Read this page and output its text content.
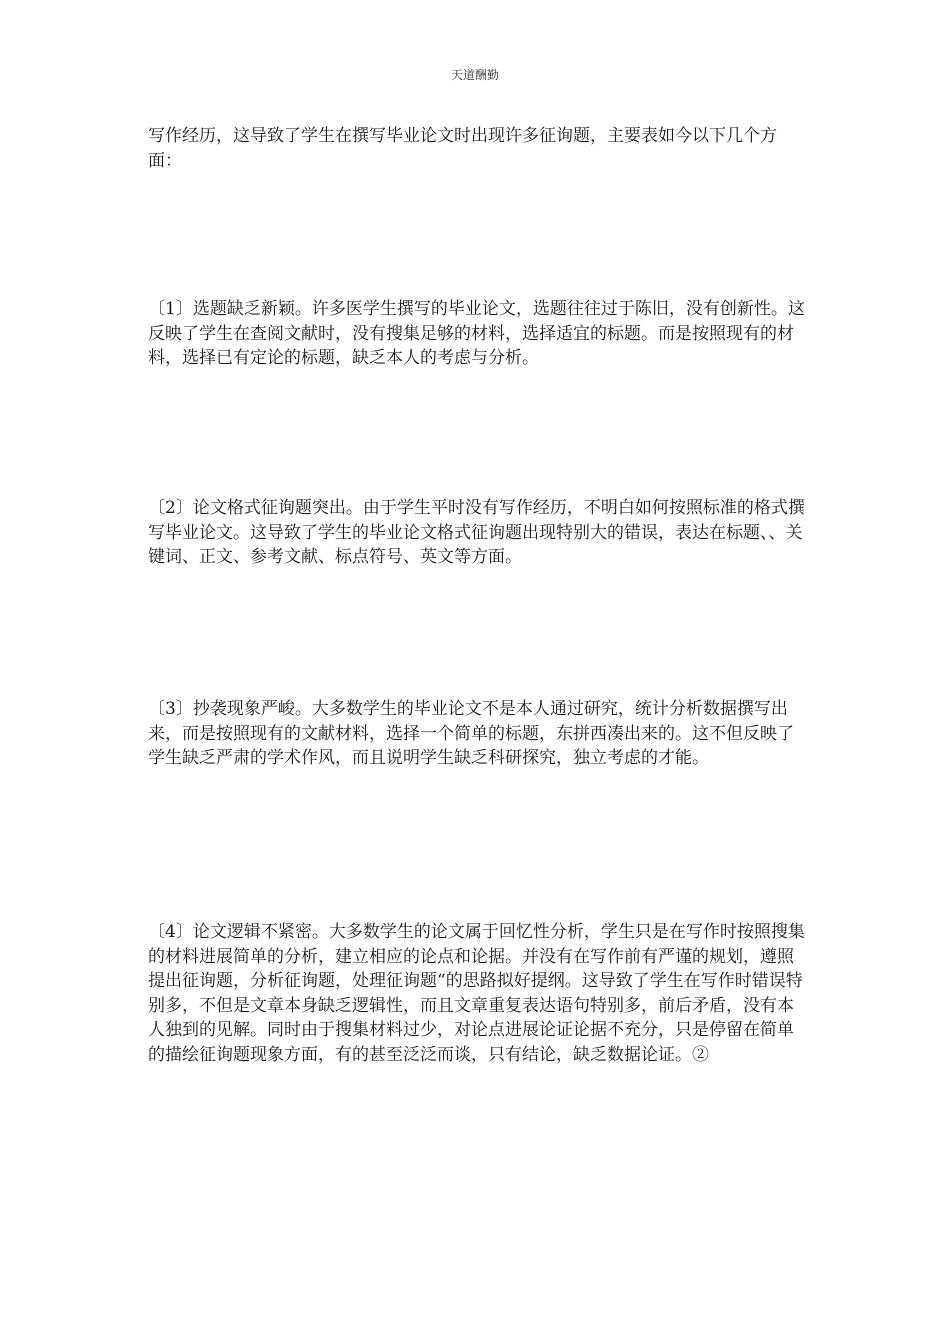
天道酬勤

写作经历，这导致了学生在撰写毕业论文时出现许多征询题，主要表如今以下几个方面：

〔1〕选题缺乏新颖。许多医学生撰写的毕业论文，选题往往过于陈旧，没有创新性。这反映了学生在查阅文献时，没有搜集足够的材料，选择适宜的标题。而是按照现有的材料，选择已有定论的标题，缺乏本人的考虑与分析。

〔2〕论文格式征询题突出。由于学生平时没有写作经历，不明白如何按照标准的格式撰写毕业论文。这导致了学生的毕业论文格式征询题出现特别大的错误，表达在标题、、关键词、正文、参考文献、标点符号、英文等方面。

〔3〕抄袭现象严峻。大多数学生的毕业论文不是本人通过研究，统计分析数据撰写出来，而是按照现有的文献材料，选择一个简单的标题，东拼西凑出来的。这不但反映了学生缺乏严肃的学术作风，而且说明学生缺乏科研探究，独立考虑的才能。

〔4〕论文逻辑不紧密。大多数学生的论文属于回忆性分析，学生只是在写作时按照搜集的材料进展简单的分析，建立相应的论点和论据。并没有在写作前有严谨的规划，遵照提出征询题，分析征询题，处理征询题“的思路拟好提纲。这导致了学生在写作时错误特别多，不但是文章本身缺乏逻辑性，而且文章重复表达语句特别多，前后矛盾，没有本人独到的见解。同时由于搜集材料过少，对论点进展论证论据不充分，只是停留在简单的描绘征询题现象方面，有的甚至泛泛而谈，只有结论，缺乏数据论证。②
